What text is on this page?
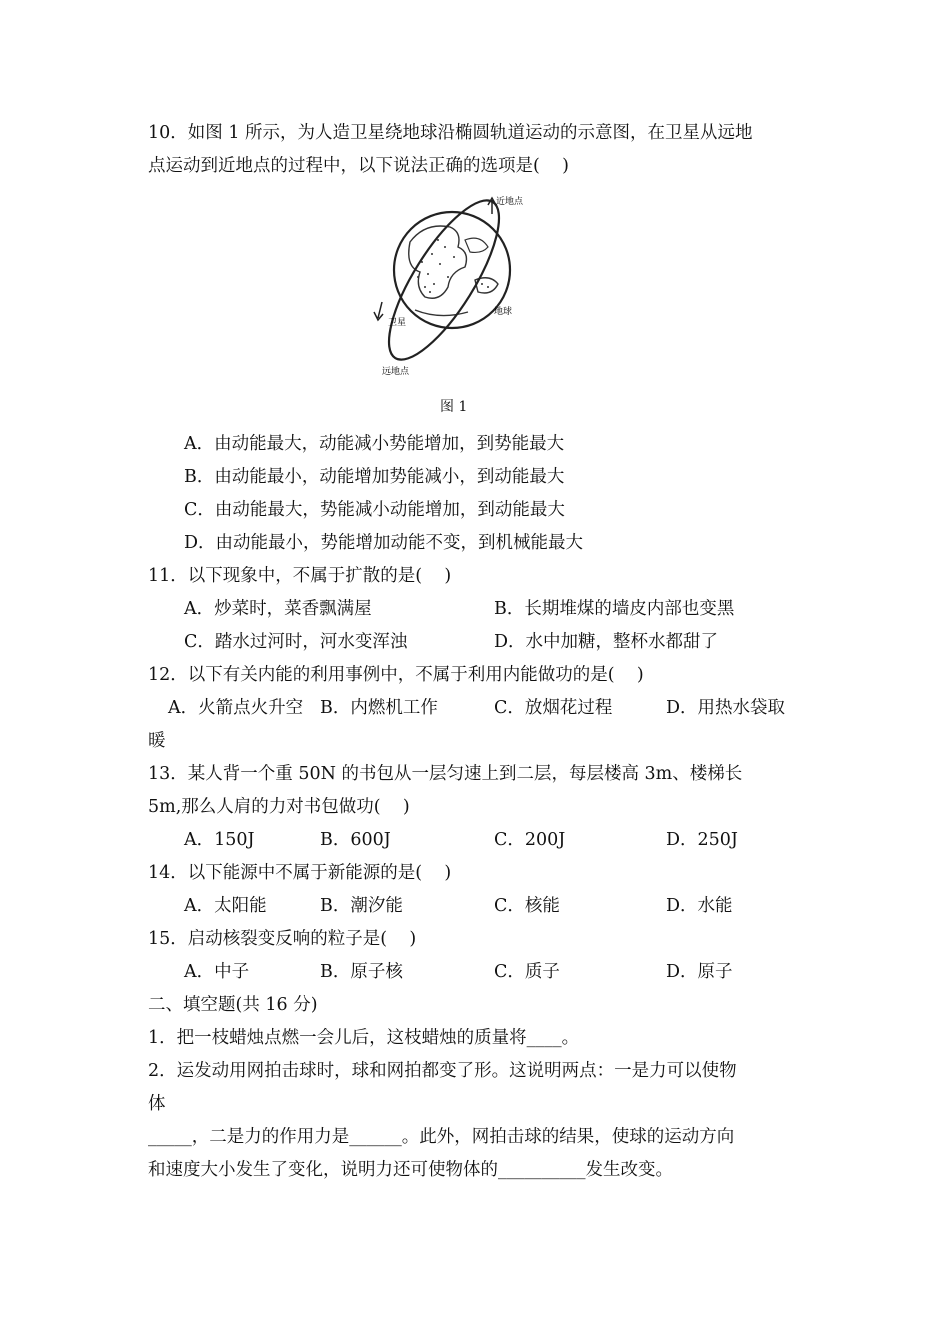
10．如图 1 所示，为人造卫星绕地球沿椭圆轨道运动的示意图，在卫星从远地
点运动到近地点的过程中，以下说法正确的选项是(    )
近地点
卫星
地球
远地点
图 1
A．由动能最大，动能减小势能增加，到势能最大
B．由动能最小，动能增加势能减小，到动能最大
C．由动能最大，势能减小动能增加，到动能最大
D．由动能最小，势能增加动能不变，到机械能最大
11．以下现象中，不属于扩散的是(    )
A．炒菜时，菜香飘满屋	B．长期堆煤的墙皮内部也变黑
C．踏水过河时，河水变浑浊	D．水中加糖，整杯水都甜了
12．以下有关内能的利用事例中，不属于利用内能做功的是(    )
A．火箭点火升空 B．内燃机工作	C．放烟花过程	D．用热水袋取
暖
13．某人背一个重 50N 的书包从一层匀速上到二层，每层楼高 3m、楼梯长
5m,那么人肩的力对书包做功(    )
A．150J	B．600J	C．200J	D．250J
14．以下能源中不属于新能源的是(    )
A．太阳能	B．潮汐能	C．核能	D．水能
15．启动核裂变反响的粒子是(    )
A．中子	B．原子核	C．质子	D．原子
二、填空题(共 16 分)
1．把一枝蜡烛点燃一会儿后，这枝蜡烛的质量将____。
2．运发动用网拍击球时，球和网拍都变了形。这说明两点：一是力可以使物
体
_____，二是力的作用力是______。此外，网拍击球的结果，使球的运动方向
和速度大小发生了变化，说明力还可使物体的__________发生改变。
